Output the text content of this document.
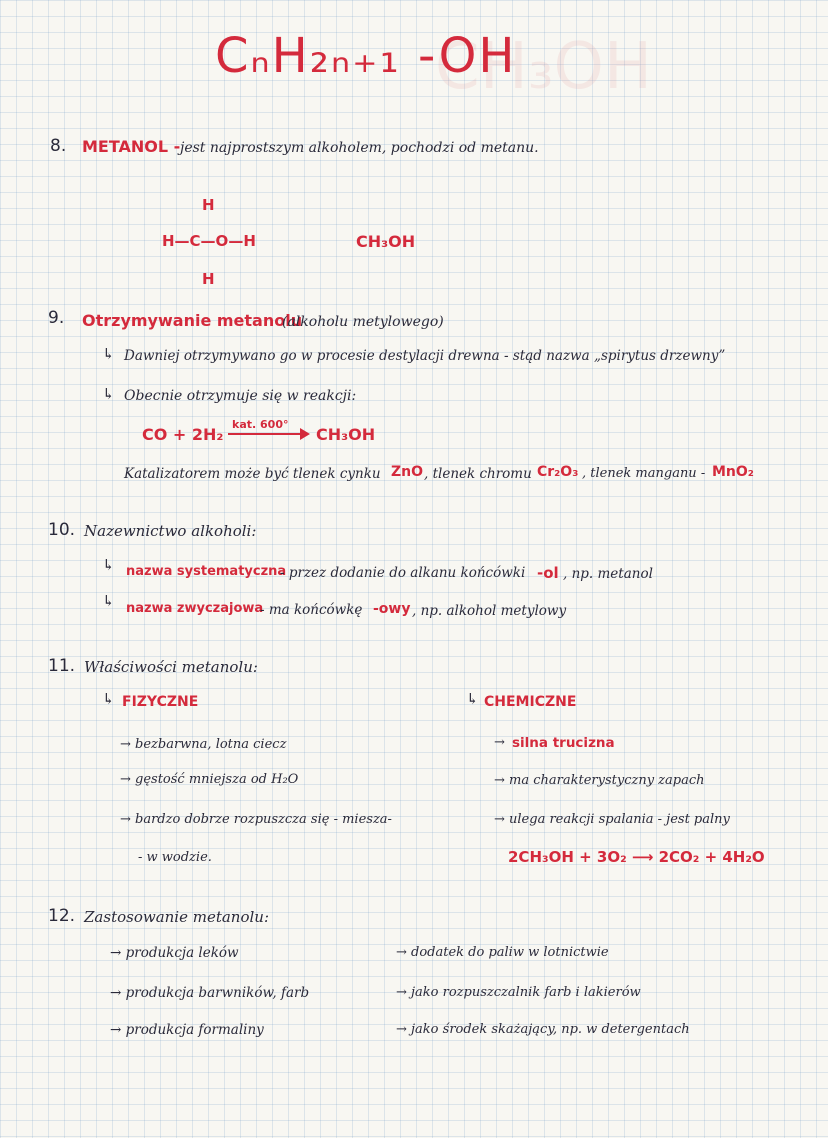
CH₃OH
CₙH₂ₙ₊₁ -OH
8. METANOL - jest najprostszym alkoholem, pochodzi od metanu.
H
H—C—O—H
H
CH₃OH
9. Otrzymywanie metanolu
(alkoholu metylowego)
↳ Dawniej otrzymywano go w procesie destylacji drewna - stąd nazwa „spirytus drzewny”
↳ Obecnie otrzymuje się w reakcji:
CO + 2H₂
kat. 600°
CH₃OH
Katalizatorem może być tlenek cynku ZnO , tlenek chromu Cr₂O₃ , tlenek manganu - MnO₂
10. Nazewnictwo alkoholi:
↳ nazwa systematyczna
- przez dodanie do alkanu końcówki -ol , np. metanol
↳ nazwa zwyczajowa
- ma końcówkę -owy , np. alkohol metylowy
11. Właściwości metanolu:
↳ FIZYCZNE
→ bezbarwna, lotna ciecz
→ gęstość mniejsza od H₂O
→ bardzo dobrze rozpuszcza się - miesza-
- w wodzie.
↳ CHEMICZNE
→ silna trucizna
→ ma charakterystyczny zapach
→ ulega reakcji spalania - jest palny
2CH₃OH + 3O₂ ⟶ 2CO₂ + 4H₂O
12. Zastosowanie metanolu:
→ produkcja leków
→ produkcja barwników, farb
→ produkcja formaliny
→ dodatek do paliw w lotnictwie
→ jako rozpuszczalnik farb i lakierów
→ jako środek skażający, np. w detergentach
